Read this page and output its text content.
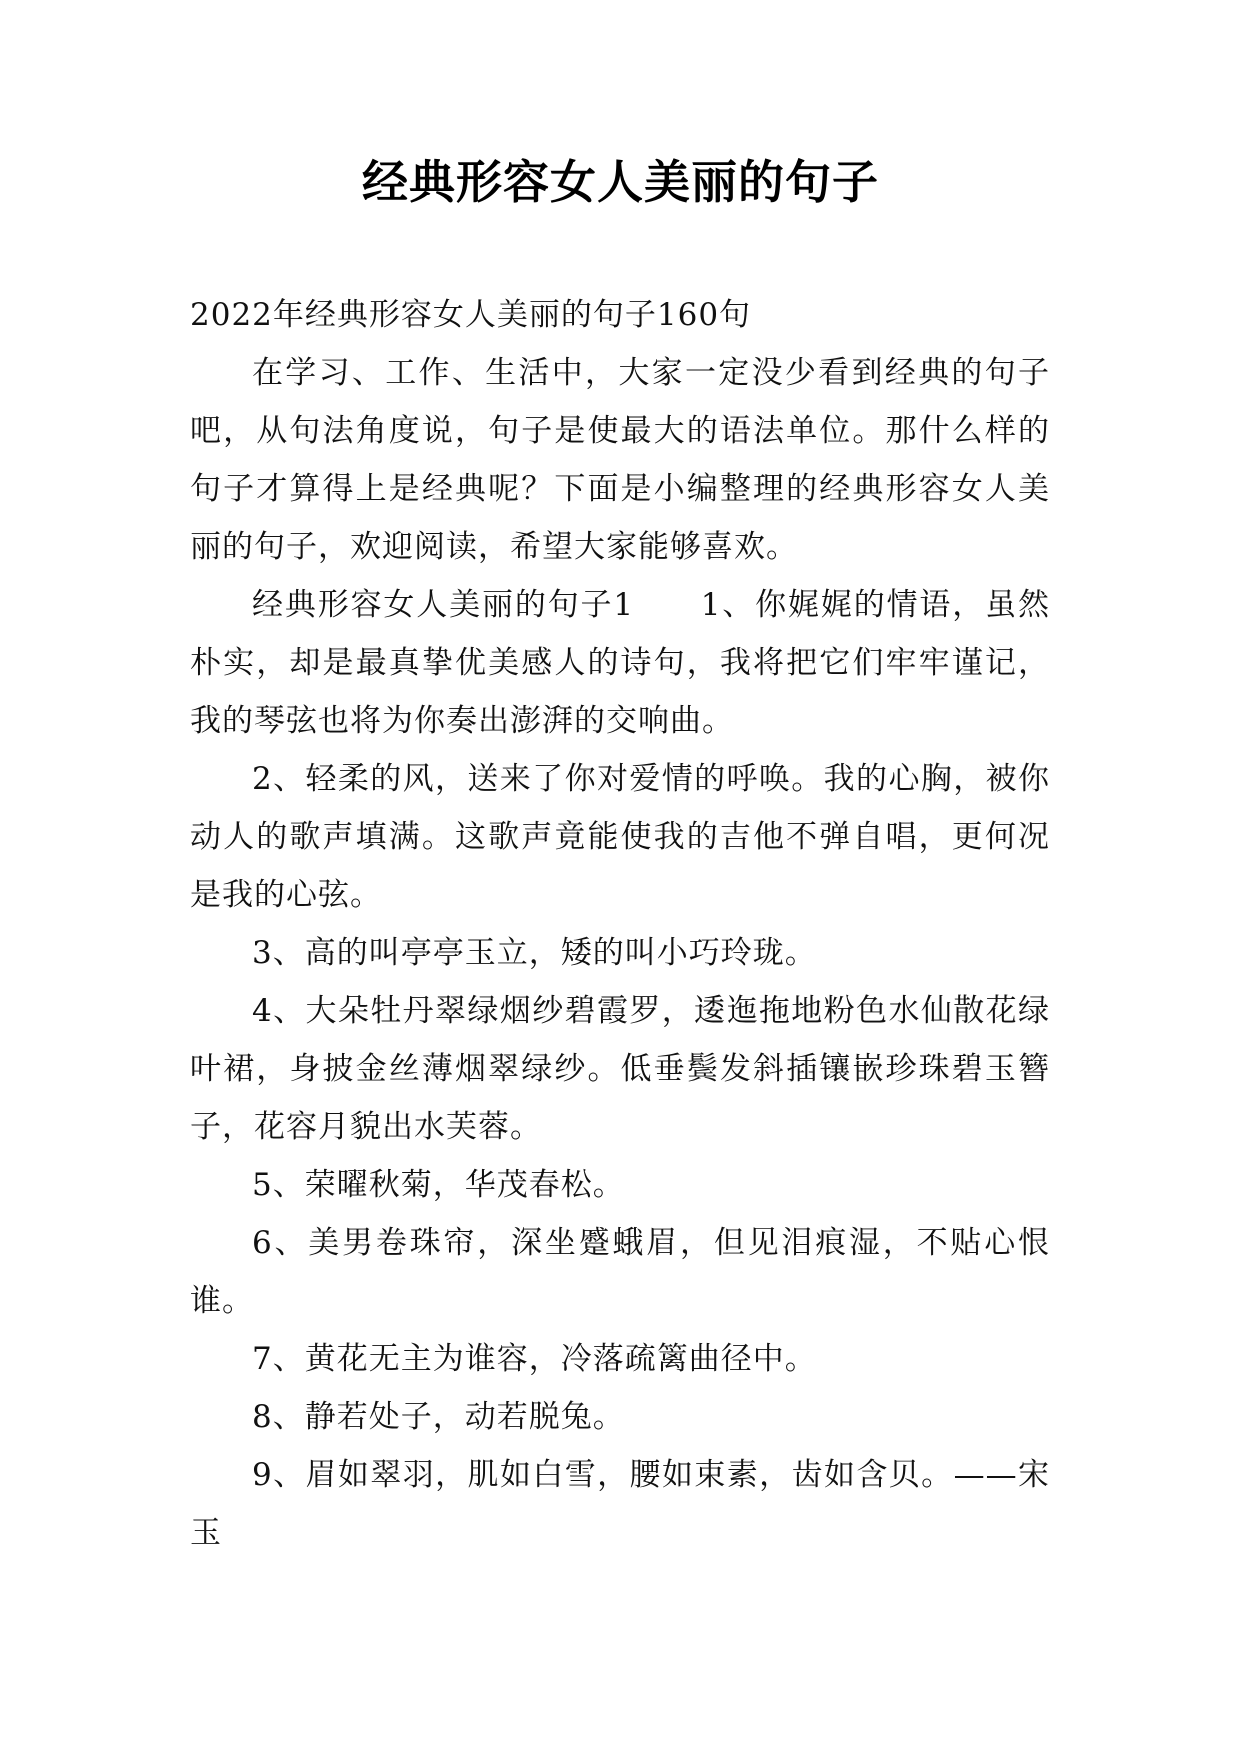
经典形容女人美丽的句子

2022年经典形容女人美丽的句子160句

在学习、工作、生活中，大家一定没少看到经典的句子吧，从句法角度说，句子是使最大的语法单位。那什么样的句子才算得上是经典呢？下面是小编整理的经典形容女人美丽的句子，欢迎阅读，希望大家能够喜欢。

经典形容女人美丽的句子1　　1、你娓娓的情语，虽然朴实，却是最真挚优美感人的诗句，我将把它们牢牢谨记，我的琴弦也将为你奏出澎湃的交响曲。

2、轻柔的风，送来了你对爱情的呼唤。我的心胸，被你动人的歌声填满。这歌声竟能使我的吉他不弹自唱，更何况是我的心弦。

3、高的叫亭亭玉立，矮的叫小巧玲珑。

4、大朵牡丹翠绿烟纱碧霞罗，逶迤拖地粉色水仙散花绿叶裙，身披金丝薄烟翠绿纱。低垂鬓发斜插镶嵌珍珠碧玉簪子，花容月貌出水芙蓉。

5、荣曜秋菊，华茂春松。

6、美男卷珠帘，深坐蹙蛾眉，但见泪痕湿，不贴心恨谁。

7、黄花无主为谁容，冷落疏篱曲径中。

8、静若处子，动若脱兔。

9、眉如翠羽，肌如白雪，腰如束素，齿如含贝。——宋玉
